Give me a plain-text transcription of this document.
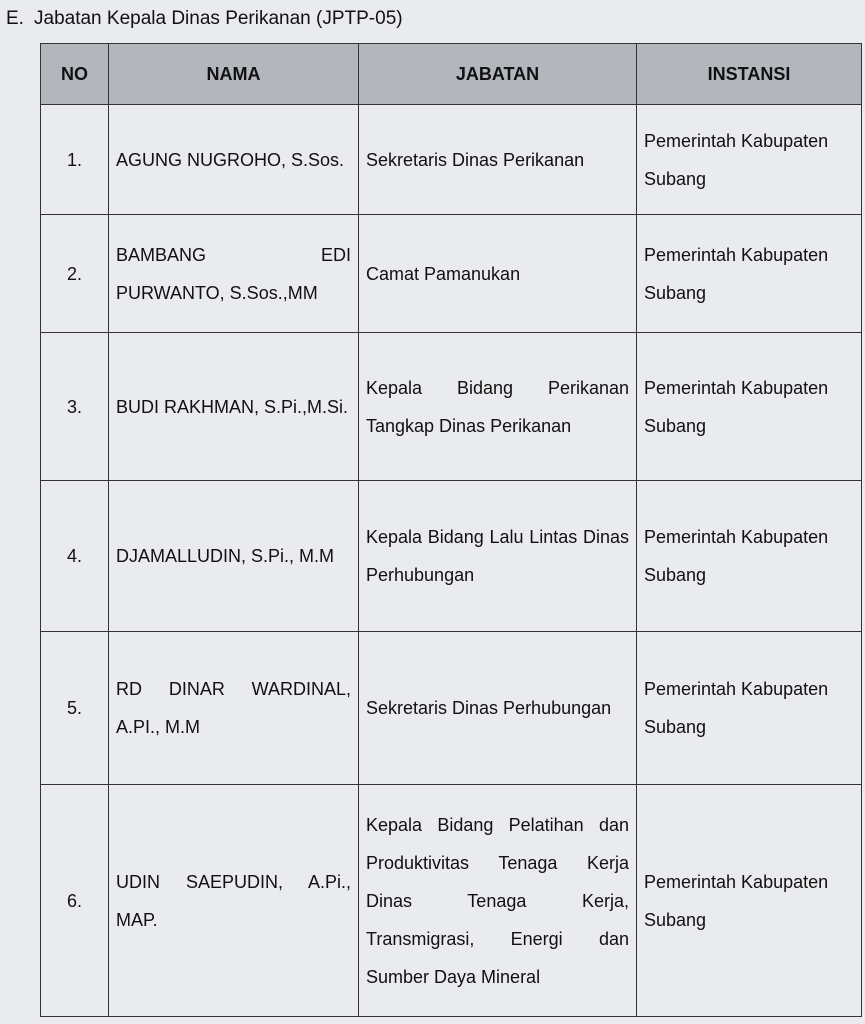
E. Jabatan Kepala Dinas Perikanan (JPTP-05)
NO	NAMA	JABATAN	INSTANSI
1.	AGUNG NUGROHO, S.Sos.	Sekretaris Dinas Perikanan	Pemerintah Kabupaten Subang
2.	BAMBANG EDI PURWANTO, S.Sos.,MM	Camat Pamanukan	Pemerintah Kabupaten Subang
3.	BUDI RAKHMAN, S.Pi.,M.Si.	Kepala Bidang Perikanan Tangkap Dinas Perikanan	Pemerintah Kabupaten Subang
4.	DJAMALLUDIN, S.Pi., M.M	Kepala Bidang Lalu Lintas Dinas Perhubungan	Pemerintah Kabupaten Subang
5.	RD DINAR WARDINAL, A.PI., M.M	Sekretaris Dinas Perhubungan	Pemerintah Kabupaten Subang
6.	UDIN SAEPUDIN, A.Pi., MAP.	Kepala Bidang Pelatihan dan Produktivitas Tenaga Kerja Dinas Tenaga Kerja, Transmigrasi, Energi dan Sumber Daya Mineral	Pemerintah Kabupaten Subang
